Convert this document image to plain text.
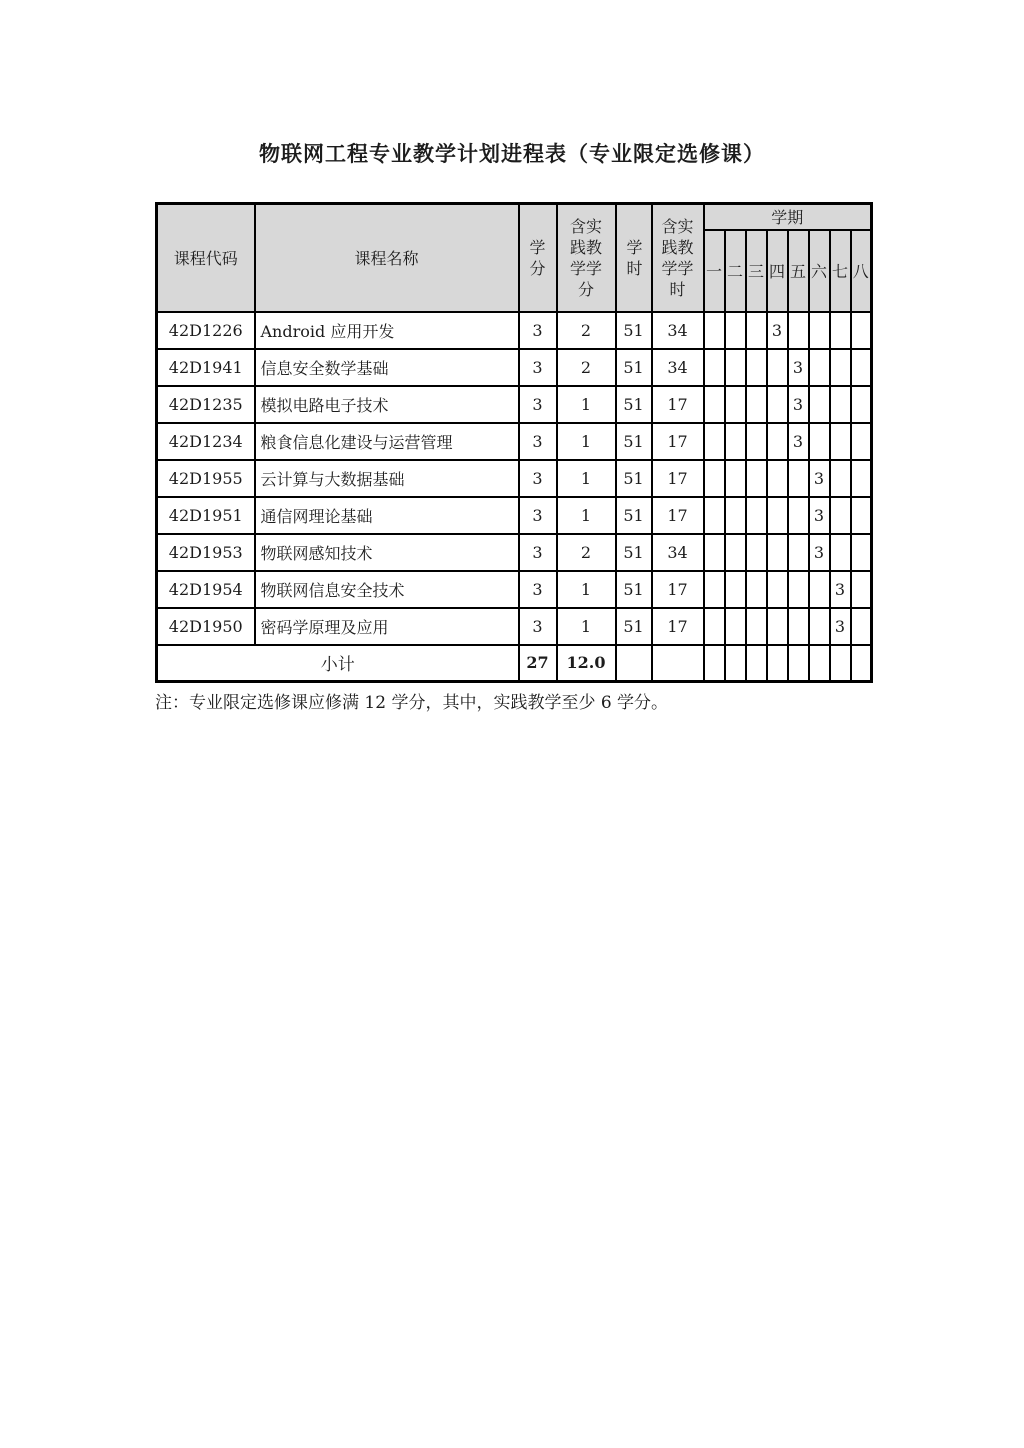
物联网工程专业教学计划进程表（专业限定选修课）
课程代码	课程名称	学分	含实践教学学分	学时	含实践教学学时	学期							
						一	二	三	四	五	六	七	八
42D1226	Android 应用开发	3	2	51	34				3				
42D1941	信息安全数学基础	3	2	51	34					3			
42D1235	模拟电路电子技术	3	1	51	17					3			
42D1234	粮食信息化建设与运营管理	3	1	51	17					3			
42D1955	云计算与大数据基础	3	1	51	17						3		
42D1951	通信网理论基础	3	1	51	17						3		
42D1953	物联网感知技术	3	2	51	34						3		
42D1954	物联网信息安全技术	3	1	51	17							3	
42D1950	密码学原理及应用	3	1	51	17							3	
小计		27	12.0										

注：专业限定选修课应修满 12 学分，其中，实践教学至少 6 学分。
